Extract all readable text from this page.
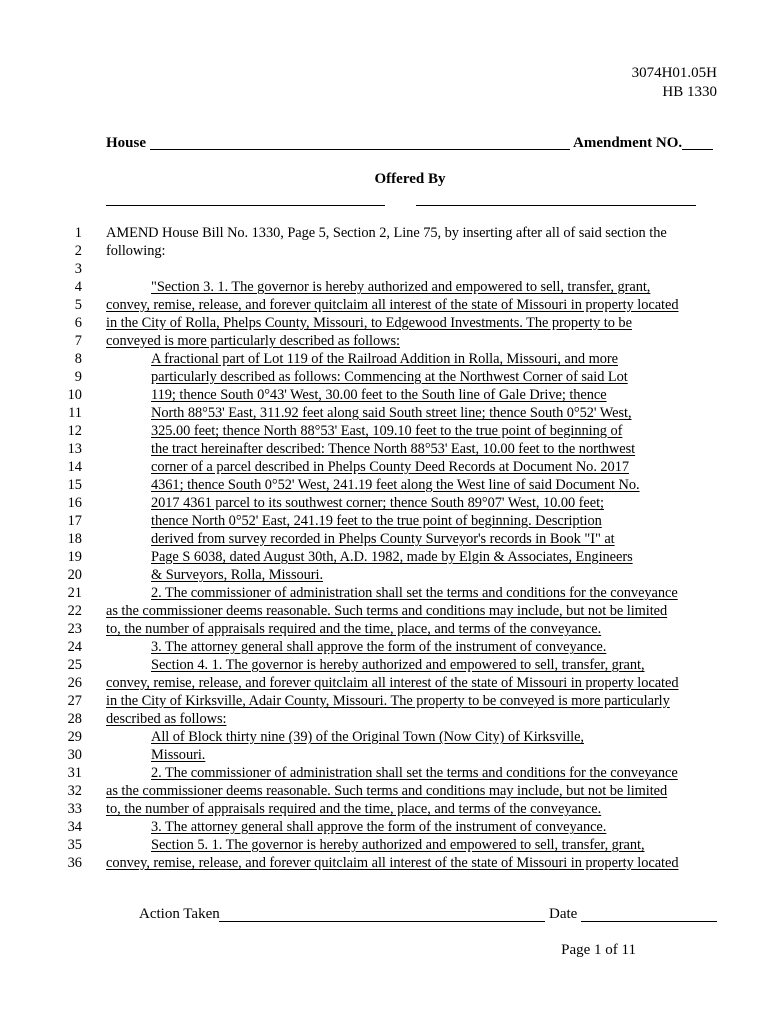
3074H01.05H
HB 1330
House	Amendment NO.
Offered By
1 AMEND House Bill No. 1330, Page 5, Section 2, Line 75, by inserting after all of said section the
2 following:
3
4	"Section 3. 1. The governor is hereby authorized and empowered to sell, transfer, grant,
5 convey, remise, release, and forever quitclaim all interest of the state of Missouri in property located
6 in the City of Rolla, Phelps County, Missouri, to Edgewood Investments. The property to be
7 conveyed is more particularly described as follows:
8	A fractional part of Lot 119 of the Railroad Addition in Rolla, Missouri, and more
9	particularly described as follows: Commencing at the Northwest Corner of said Lot
10	119; thence South 0°43' West, 30.00 feet to the South line of Gale Drive; thence
11	North 88°53' East, 311.92 feet along said South street line; thence South 0°52' West,
12	325.00 feet; thence North 88°53' East, 109.10 feet to the true point of beginning of
13	the tract hereinafter described: Thence North 88°53' East, 10.00 feet to the northwest
14	corner of a parcel described in Phelps County Deed Records at Document No. 2017
15	4361; thence South 0°52' West, 241.19 feet along the West line of said Document No.
16	2017 4361 parcel to its southwest corner; thence South 89°07' West, 10.00 feet;
17	thence North 0°52' East, 241.19 feet to the true point of beginning. Description
18	derived from survey recorded in Phelps County Surveyor's records in Book "I" at
19	Page S 6038, dated August 30th, A.D. 1982, made by Elgin & Associates, Engineers
20	& Surveyors, Rolla, Missouri.
21	2. The commissioner of administration shall set the terms and conditions for the conveyance
22 as the commissioner deems reasonable. Such terms and conditions may include, but not be limited
23 to, the number of appraisals required and the time, place, and terms of the conveyance.
24	3. The attorney general shall approve the form of the instrument of conveyance.
25	Section 4. 1. The governor is hereby authorized and empowered to sell, transfer, grant,
26 convey, remise, release, and forever quitclaim all interest of the state of Missouri in property located
27 in the City of Kirksville, Adair County, Missouri. The property to be conveyed is more particularly
28 described as follows:
29	All of Block thirty nine (39) of the Original Town (Now City) of Kirksville,
30	Missouri.
31	2. The commissioner of administration shall set the terms and conditions for the conveyance
32 as the commissioner deems reasonable. Such terms and conditions may include, but not be limited
33 to, the number of appraisals required and the time, place, and terms of the conveyance.
34	3. The attorney general shall approve the form of the instrument of conveyance.
35	Section 5. 1. The governor is hereby authorized and empowered to sell, transfer, grant,
36 convey, remise, release, and forever quitclaim all interest of the state of Missouri in property located
Action Taken	Date
Page 1 of 11
